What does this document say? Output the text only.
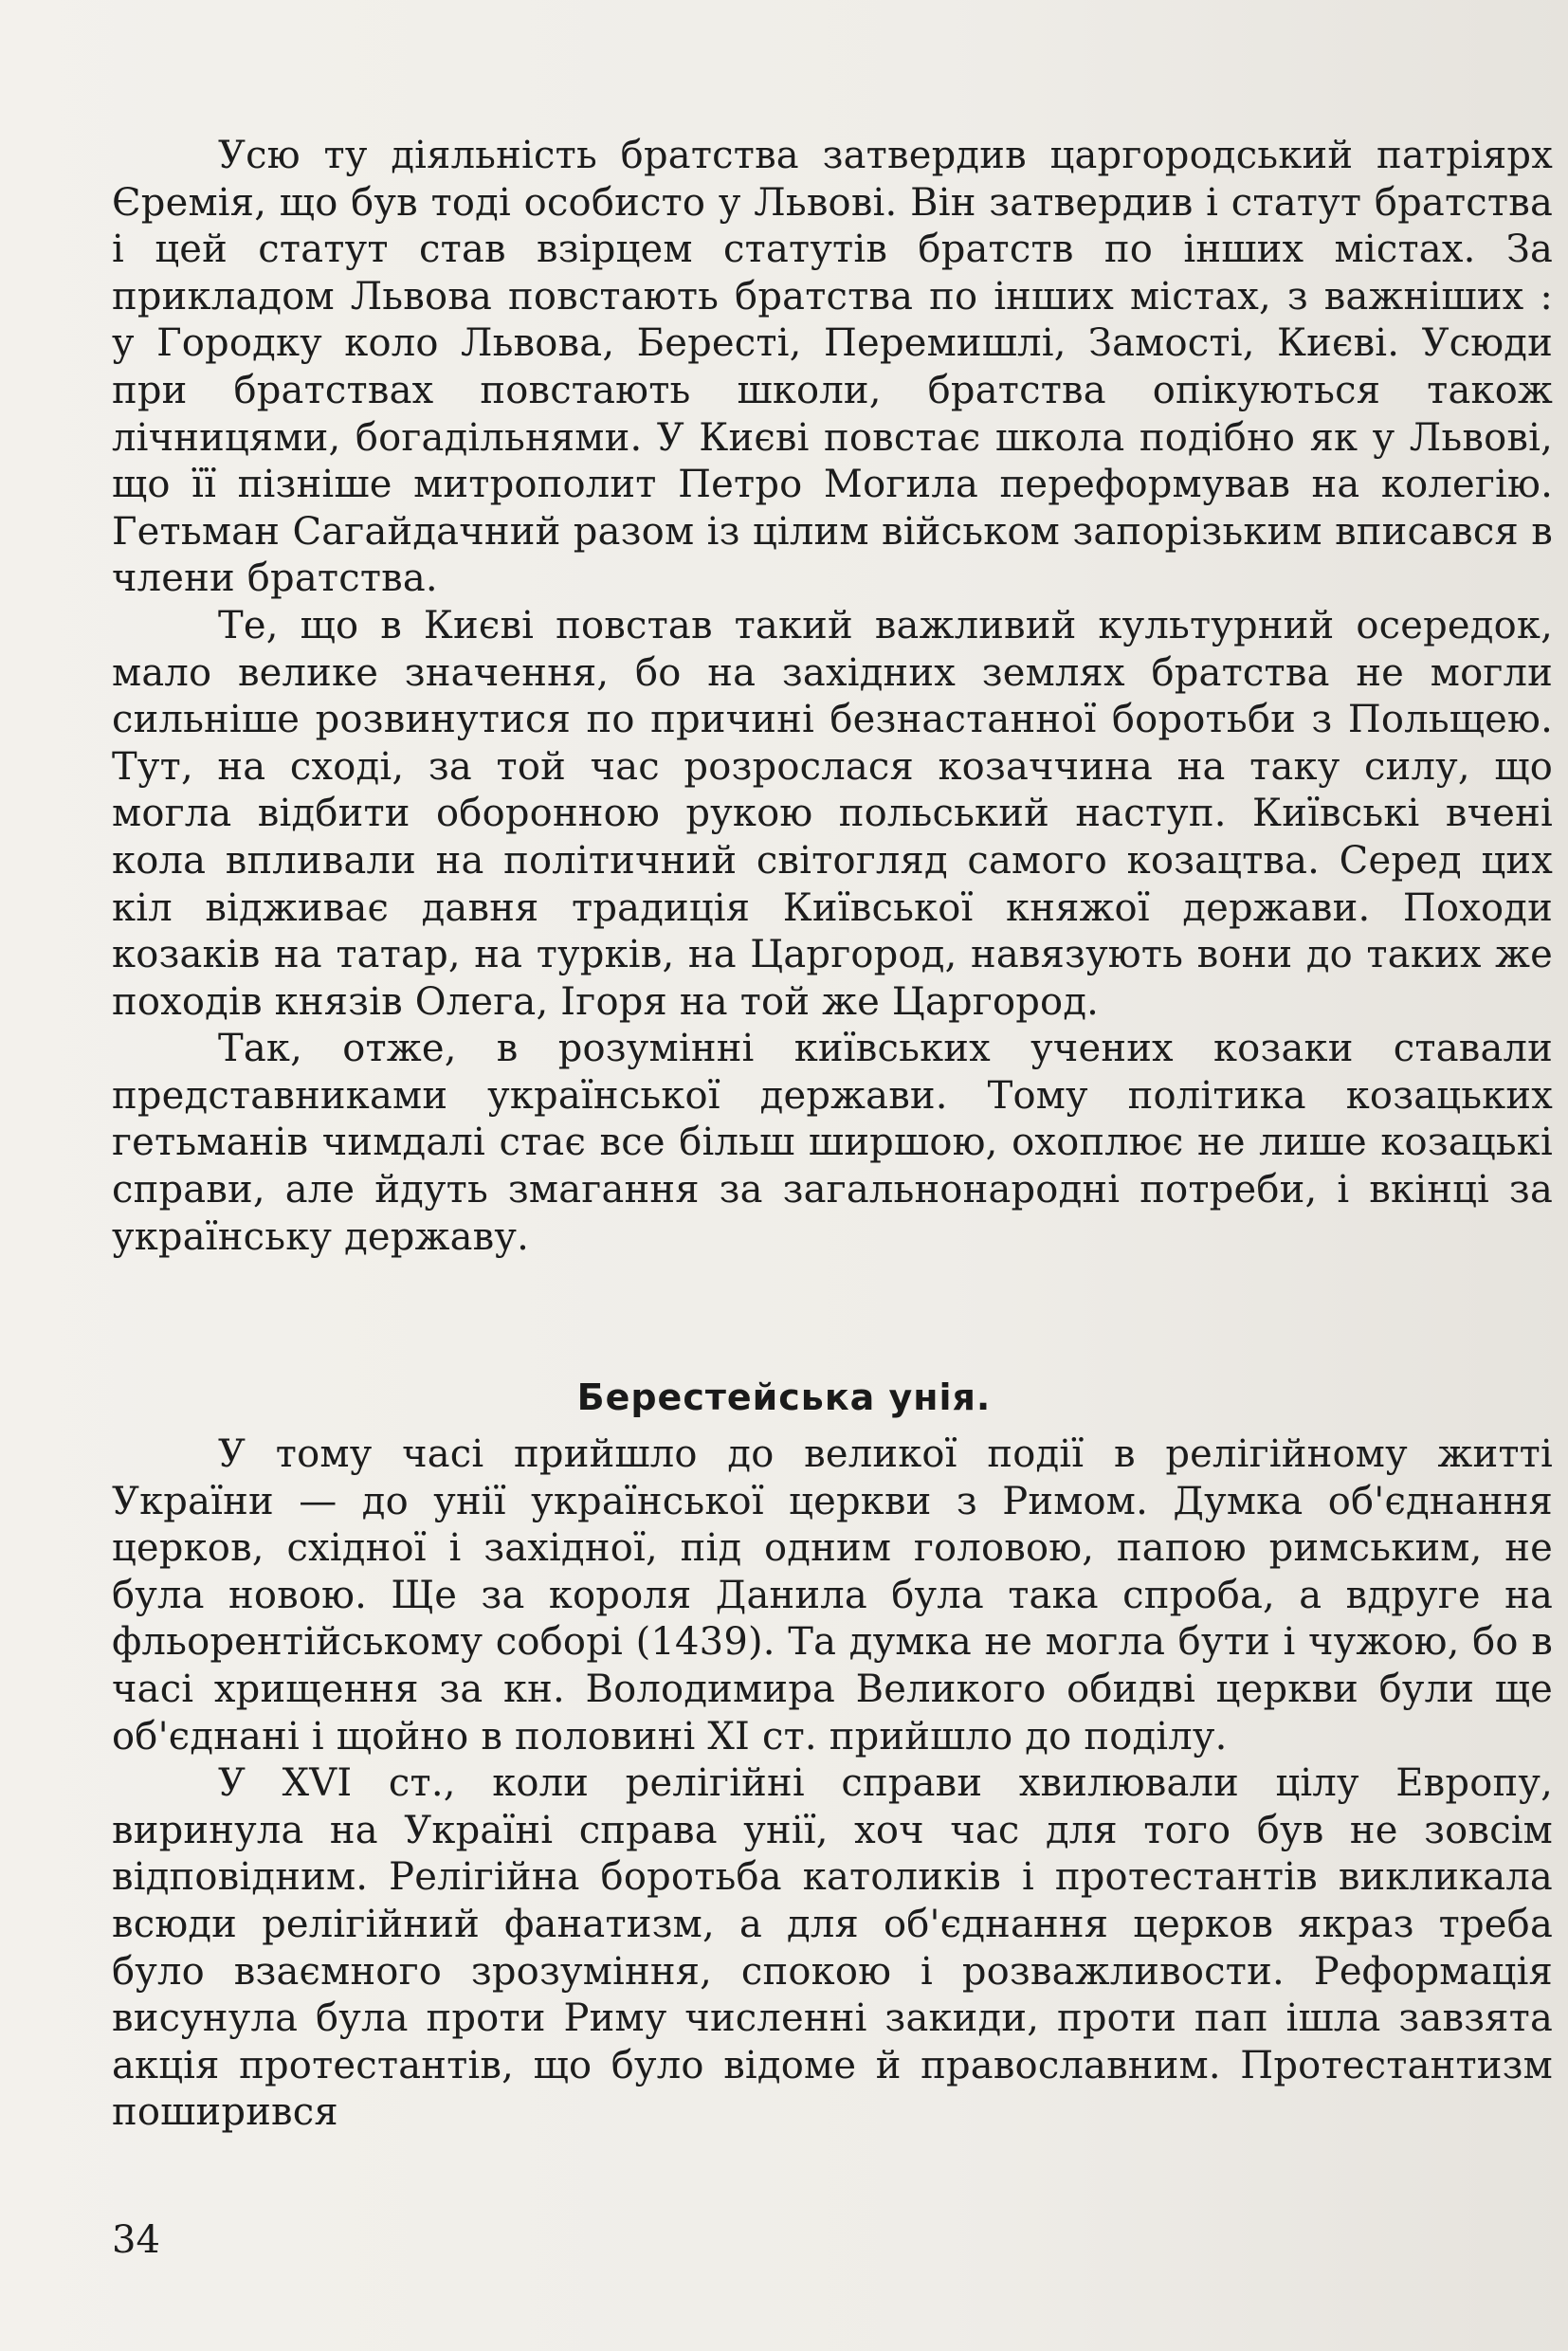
Усю ту діяльність братства затвердив царгородський патріярх Єремія, що був тоді особисто у Львові. Він затвердив і статут братства і цей статут став взірцем статутів братств по інших містах. За прикладом Львова повстають братства по інших містах, з важніших : у Городку коло Львова, Бересті, Перемишлі, Замості, Києві. Усюди при братствах повстають школи, братства опікуються також лічницями, богадільнями. У Києві повстає школа подібно як у Львові, що її пізніше митрополит Петро Могила переформував на колегію. Гетьман Сагайдачний разом із цілим військом запорізьким вписався в члени братства.

Те, що в Києві повстав такий важливий культурний осередок, мало велике значення, бо на західних землях братства не могли сильніше розвинутися по причині безнастанної боротьби з Польщею. Тут, на сході, за той час розрослася козаччина на таку силу, що могла відбити оборонною рукою польський наступ. Київські вчені кола впливали на політичний світогляд самого козацтва. Серед цих кіл відживає давня традиція Київської княжої держави. Походи козаків на татар, на турків, на Царгород, навязують вони до таких же походів князів Олега, Ігоря на той же Царгород.

Так, отже, в розумінні київських учених козаки ставали представниками української держави. Тому політика козацьких гетьманів чимдалі стає все більш ширшою, охоплює не лише козацькі справи, але йдуть змагання за загальнонародні потреби, і вкінці за українську державу.

Берестейська унія.

У тому часі прийшло до великої події в релігійному житті України — до унії української церкви з Римом. Думка об'єднання церков, східної і західної, під одним головою, папою римським, не була новою. Ще за короля Данила була така спроба, а вдруге на фльорентійському соборі (1439). Та думка не могла бути і чужою, бо в часі хрищення за кн. Володимира Великого обидві церкви були ще об'єднані і щойно в половині XI ст. прийшло до поділу.

У XVI ст., коли релігійні справи хвилювали цілу Европу, виринула на Україні справа унії, хоч час для того був не зовсім відповідним. Релігійна боротьба католиків і протестантів викликала всюди релігійний фанатизм, а для об'єднання церков якраз треба було взаємного зрозуміння, спокою і розважливости. Реформація висунула була проти Риму численні закиди, проти пап ішла завзята акція протестантів, що було відоме й православним. Протестантизм поширився

34
